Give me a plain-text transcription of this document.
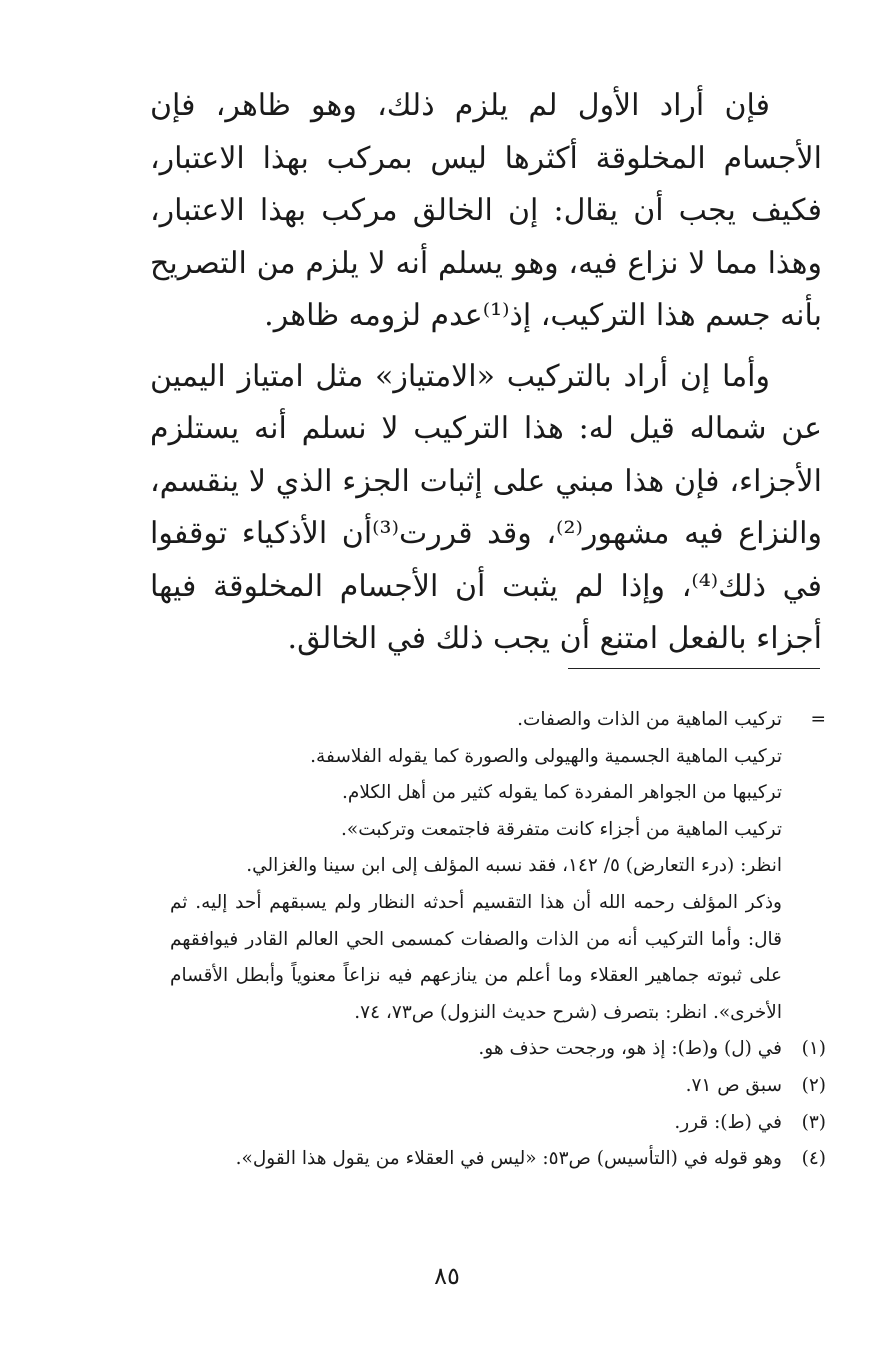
فإن أراد الأول لم يلزم ذلك، وهو ظاهر، فإن الأجسام المخلوقة أكثرها ليس بمركب بهذا الاعتبار، فكيف يجب أن يقال: إن الخالق مركب بهذا الاعتبار، وهذا مما لا نزاع فيه، وهو يسلم أنه لا يلزم من التصريح بأنه جسم هذا التركيب، إذ⁽¹⁾عدم لزومه ظاهر.

وأما إن أراد بالتركيب «الامتياز» مثل امتياز اليمين عن شماله قيل له: هذا التركيب لا نسلم أنه يستلزم الأجزاء، فإن هذا مبني على إثبات الجزء الذي لا ينقسم، والنزاع فيه مشهور⁽²⁾، وقد قررت⁽³⁾أن الأذكياء توقفوا في ذلك⁽⁴⁾، وإذا لم يثبت أن الأجسام المخلوقة فيها أجزاء بالفعل امتنع أن يجب ذلك في الخالق.

=
تركيب الماهية من الذات والصفات.
تركيب الماهية الجسمية والهيولى والصورة كما يقوله الفلاسفة.
تركيبها من الجواهر المفردة كما يقوله كثير من أهل الكلام.
تركيب الماهية من أجزاء كانت متفرقة فاجتمعت وتركبت».
انظر: (درء التعارض) ٥/ ١٤٢، فقد نسبه المؤلف إلى ابن سينا والغزالي.
وذكر المؤلف رحمه الله أن هذا التقسيم أحدثه النظار ولم يسبقهم أحد إليه. ثم قال: وأما التركيب أنه من الذات والصفات كمسمى الحي العالم القادر فيوافقهم على ثبوته جماهير العقلاء وما أعلم من ينازعهم فيه نزاعاً معنوياً وأبطل الأقسام الأخرى». انظر: بتصرف (شرح حديث النزول) ص٧٣، ٧٤.
(١)
في (ل) و(ط): إذ هو، ورجحت حذف هو.
(٢)
سبق ص ٧١.
(٣)
في (ط): قرر.
(٤)
وهو قوله في (التأسيس) ص٥٣: «ليس في العقلاء من يقول هذا القول».
٨٥
